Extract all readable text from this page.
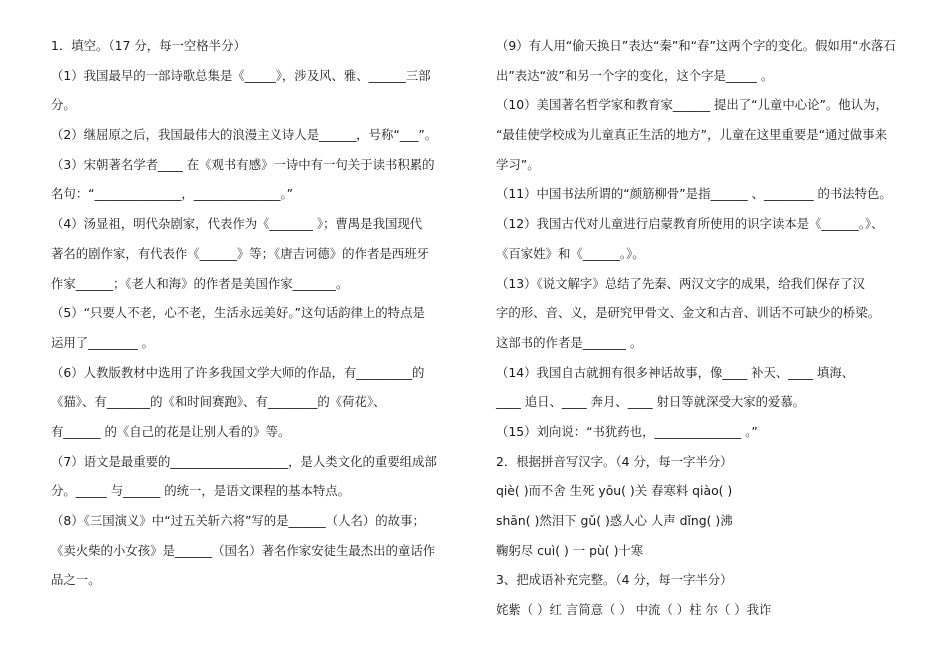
1．填空。（17 分，每一空格半分）
（1）我国最早的一部诗歌总集是《_____》，涉及风、雅、______三部
分。
（2）继屈原之后，我国最伟大的浪漫主义诗人是______，号称“___”。
（3）宋朝著名学者____ 在《观书有感》一诗中有一句关于读书积累的
名句：“______________，______________。”
（4）汤显祖，明代杂剧家，代表作为《_______ 》；曹禺是我国现代
著名的剧作家，有代表作《______》等；《唐吉诃德》的作者是西班牙
作家______；《老人和海》的作者是美国作家_______。
（5）“只要人不老，心不老，生活永远美好。”这句话韵律上的特点是
运用了________ 。
（6）人教版教材中选用了许多我国文学大师的作品，有_________的
《猫》、有_______的《和时间赛跑》、有________的《荷花》、
有______ 的《自己的花是让别人看的》等。
（7）语文是最重要的___________________，是人类文化的重要组成部
分。_____ 与______ 的统一，是语文课程的基本特点。
（8）《三国演义》中“过五关斩六将”写的是______（人名）的故事；
《卖火柴的小女孩》是______（国名）著名作家安徒生最杰出的童话作
品之一。
（9）有人用“偷天换日”表达“秦”和“春”这两个字的变化。假如用“水落石
出”表达“波”和另一个字的变化，这个字是_____ 。
（10）美国著名哲学家和教育家______ 提出了“儿童中心论”。他认为，
“最佳使学校成为儿童真正生活的地方”，儿童在这里重要是“通过做事来
学习”。
（11）中国书法所谓的“颜筋柳骨”是指______ 、________ 的书法特色。
（12）我国古代对儿童进行启蒙教育所使用的识字读本是《______。》、
《百家姓》和《______。》。
（13）《说文解字》总结了先秦、两汉文字的成果，给我们保存了汉
字的形、音、义，是研究甲骨文、金文和古音、训话不可缺少的桥梁。
这部书的作者是_______ 。
（14）我国自古就拥有很多神话故事，像____ 补天、____ 填海、
____ 追日、____ 奔月、____ 射日等就深受大家的爱慕。
（15）刘向说：“书犹药也，______________ 。”
2．根据拼音写汉字。（4 分，每一字半分）
qiè( )而不舍 生死 yōu( )关 春寒料 qiào( )
shān( )然泪下 gǔ( )惑人心 人声 dǐng( )沸
鞠躬尽 cuì( ) 一 pù( )十寒
3、把成语补充完整。（4 分，每一字半分）
姹紫（ ）红 言简意（ ） 中流（ ）柱 尔（ ）我诈
